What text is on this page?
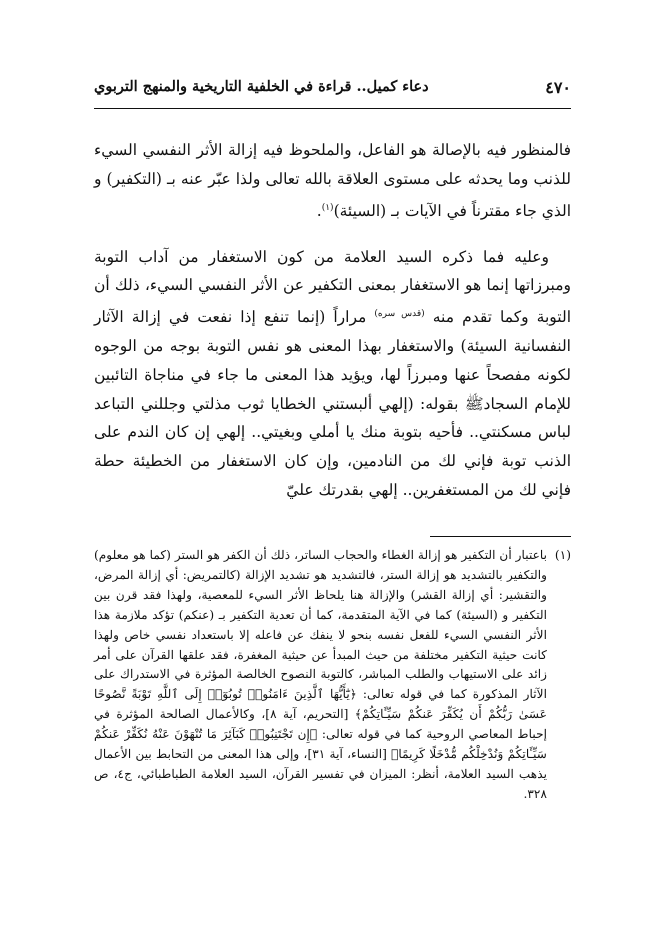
٤٧٠
دعاء كميل.. قراءة في الخلفية التاريخية والمنهج التربوي

فالمنظور فيه بالإصالة هو الفاعل، والملحوظ فيه إزالة الأثر النفسي السيء للذنب وما يحدثه على مستوى العلاقة بالله تعالى ولذا عبّر عنه بـ (التكفير) و الذي جاء مقترناً في الآيات بـ (السيئة)$^{(١)}$.

وعليه فما ذكره السيد العلامة من كون الاستغفار من آداب التوبة ومبرزاتها إنما هو الاستغفار بمعنى التكفير عن الأثر النفسي السيء، ذلك أن التوبة وكما تقدم منه $^{(قدس سره)}$ مراراً (إنما تنفع إذا نفعت في إزالة الآثار النفسانية السيئة) والاستغفار بهذا المعنى هو نفس التوبة بوجه من الوجوه لكونه مفصحاً عنها ومبرزاً لها، ويؤيد هذا المعنى ما جاء في مناجاة التائبين للإمام السجادﷺ بقوله: (إلهي ألبستني الخطايا ثوب مذلتي وجللني التباعد لباس مسكنتي.. فأحيه بتوبة منك يا أملي وبغيتي.. إلهي إن كان الندم على الذنب توبة فإني لك من النادمين، وإن كان الاستغفار من الخطيئة حطة فإني لك من المستغفرين.. إلهي بقدرتك عليّ

(١)
باعتبار أن التكفير هو إزالة الغطاء والحجاب الساتر، ذلك أن الكفر هو الستر (كما هو معلوم) والتكفير بالتشديد هو إزالة الستر، فالتشديد هو تشديد الإزالة (كالتمريض: أي إزالة المرض، والتقشير: أي إزالة القشر) والإزالة هنا يلحاظ الأثر السيء للمعصية، ولهذا فقد قرن بين التكفير و (السيئة) كما في الآية المتقدمة، كما أن تعدية التكفير بـ (عنكم) تؤكد ملازمة هذا الأثر النفسي السيء للفعل نفسه بنحو لا ينفك عن فاعله إلا باستعداد نفسي خاص ولهذا كانت حيثية التكفير مختلفة من حيث المبدأ عن حيثية المغفرة، فقد علقها القرآن على أمر زائد على الاستيهاب والطلب المباشر، كالتوبة النصوح الخالصة المؤثرة في الاستدراك على الآثار المذكورة كما في قوله تعالى: ﴿يَٰٓأَيُّهَا ٱلَّذِينَ ءَامَنُوا۟ تُوبُوٓا۟ إِلَى ٱللَّهِ تَوْبَةً نَّصُوحًا عَسَىٰ رَبُّكُمْ أَن يُكَفِّرَ عَنكُمْ سَيِّـَٔاتِكُمْ﴾ [التحريم، آية ٨]، وكالأعمال الصالحة المؤثرة في إحباط المعاصي الروحية كما في قوله تعالى: ﴿إِن تَجْتَنِبُوا۟ كَبَآئِرَ مَا تُنْهَوْنَ عَنْهُ نُكَفِّرْ عَنكُمْ سَيِّـَٔاتِكُمْ وَنُدْخِلْكُم مُّدْخَلًا كَرِيمًا﴾ [النساء، آية ٣١]، وإلى هذا المعنى من التحابط بين الأعمال يذهب السيد العلامة، أنظر: الميزان في تفسير القرآن، السيد العلامة الطباطبائي، ج٤، ص ٣٢٨.
